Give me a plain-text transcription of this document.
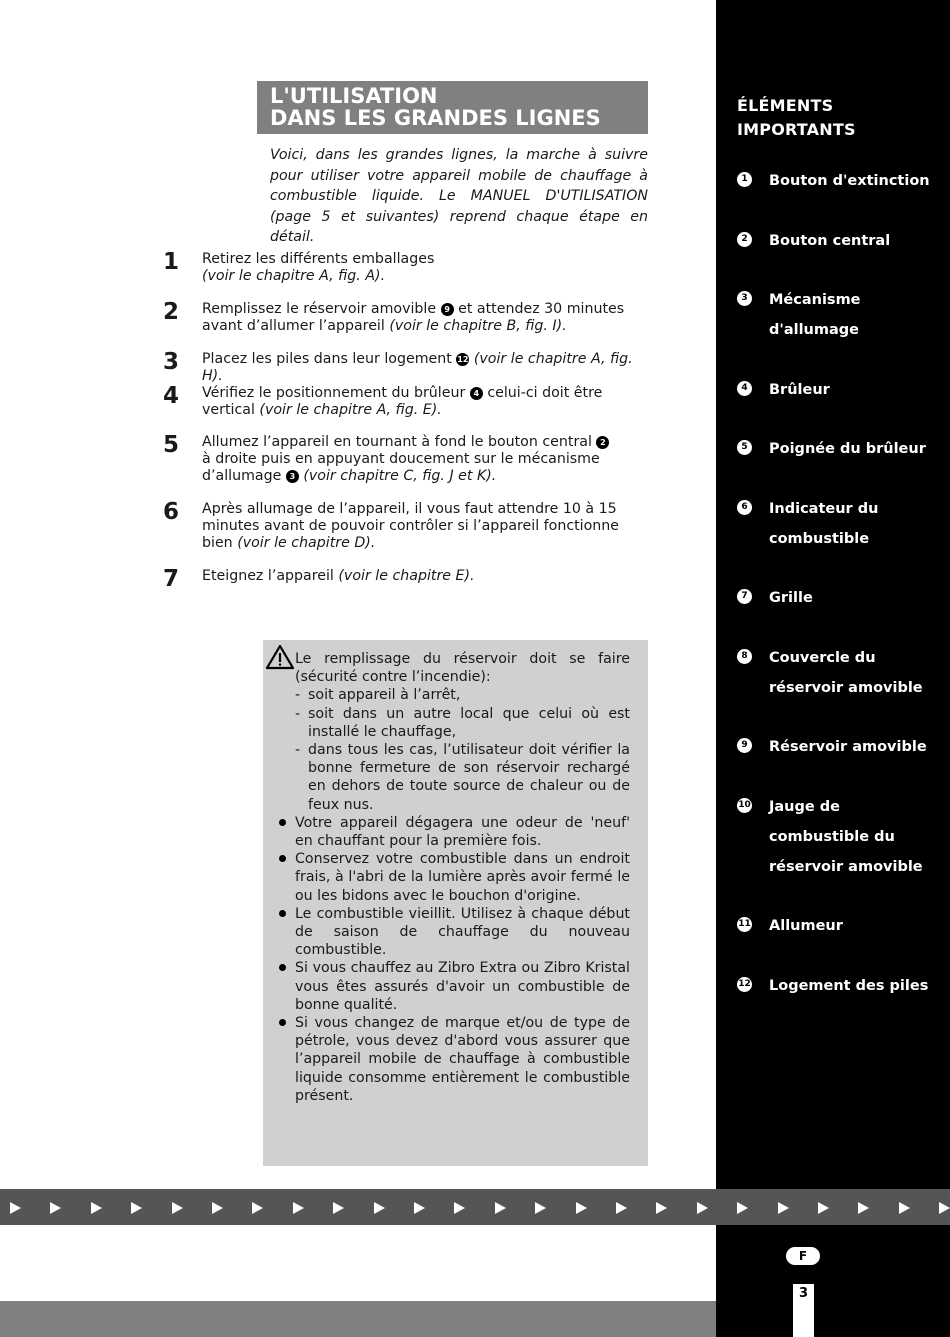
ÉLÉMENTS
IMPORTANTS
1	Bouton d'extinction
2	Bouton central
3	Mécanisme
d'allumage
4	Brûleur
5	Poignée du brûleur
6	Indicateur du
combustible
7	Grille
8	Couvercle du
réservoir amovible
9	Réservoir amovible
10 Jauge de
combustible du
réservoir amovible
11 Allumeur
12 Logement des piles
L'UTILISATION
DANS LES GRANDES LIGNES
Voici, dans les grandes lignes, la marche à suivre pour utiliser votre appareil mobile de chauffage à combustible liquide. Le MANUEL D'UTILISATION (page 5 et suivantes) reprend chaque étape en détail.
1 Retirez les différents emballages
(voir le chapitre A, fig. A).
2 Remplissez le réservoir amovible 9 et attendez 30 minutes avant d’allumer l’appareil (voir le chapitre B, fig. I).
3 Placez les piles dans leur logement 12 (voir le chapitre A, fig. H).
4 Vérifiez le positionnement du brûleur 4 celui-ci doit être vertical (voir le chapitre A, fig. E).
5 Allumez l’appareil en tournant à fond le bouton central 2 à droite puis en appuyant doucement sur le mécanisme d’allumage 3 (voir chapitre C, fig. J et K).
6 Après allumage de l’appareil, il vous faut attendre 10 à 15 minutes avant de pouvoir contrôler si l’appareil fonctionne bien (voir le chapitre D).
7 Eteignez l’appareil (voir le chapitre E).
Le remplissage du réservoir doit se faire (sécurité contre l’incendie):
- soit appareil à l’arrêt,
- soit dans un autre local que celui où est installé le chauffage,
- dans tous les cas, l’utilisateur doit vérifier la bonne fermeture de son réservoir rechargé en dehors de toute source de chaleur ou de feux nus.
Votre appareil dégagera une odeur de 'neuf' en chauffant pour la première fois.
Conservez votre combustible dans un endroit frais, à l'abri de la lumière après avoir fermé le ou les bidons avec le bouchon d'origine.
Le combustible vieillit. Utilisez à chaque début de saison de chauffage du nouveau combustible.
Si vous chauffez au Zibro Extra ou Zibro Kristal vous êtes assurés d'avoir un combustible de bonne qualité.
Si vous changez de marque et/ou de type de pétrole, vous devez d'abord vous assurer que l’appareil mobile de chauffage à combustible liquide consomme entièrement le combustible présent.
F
3
